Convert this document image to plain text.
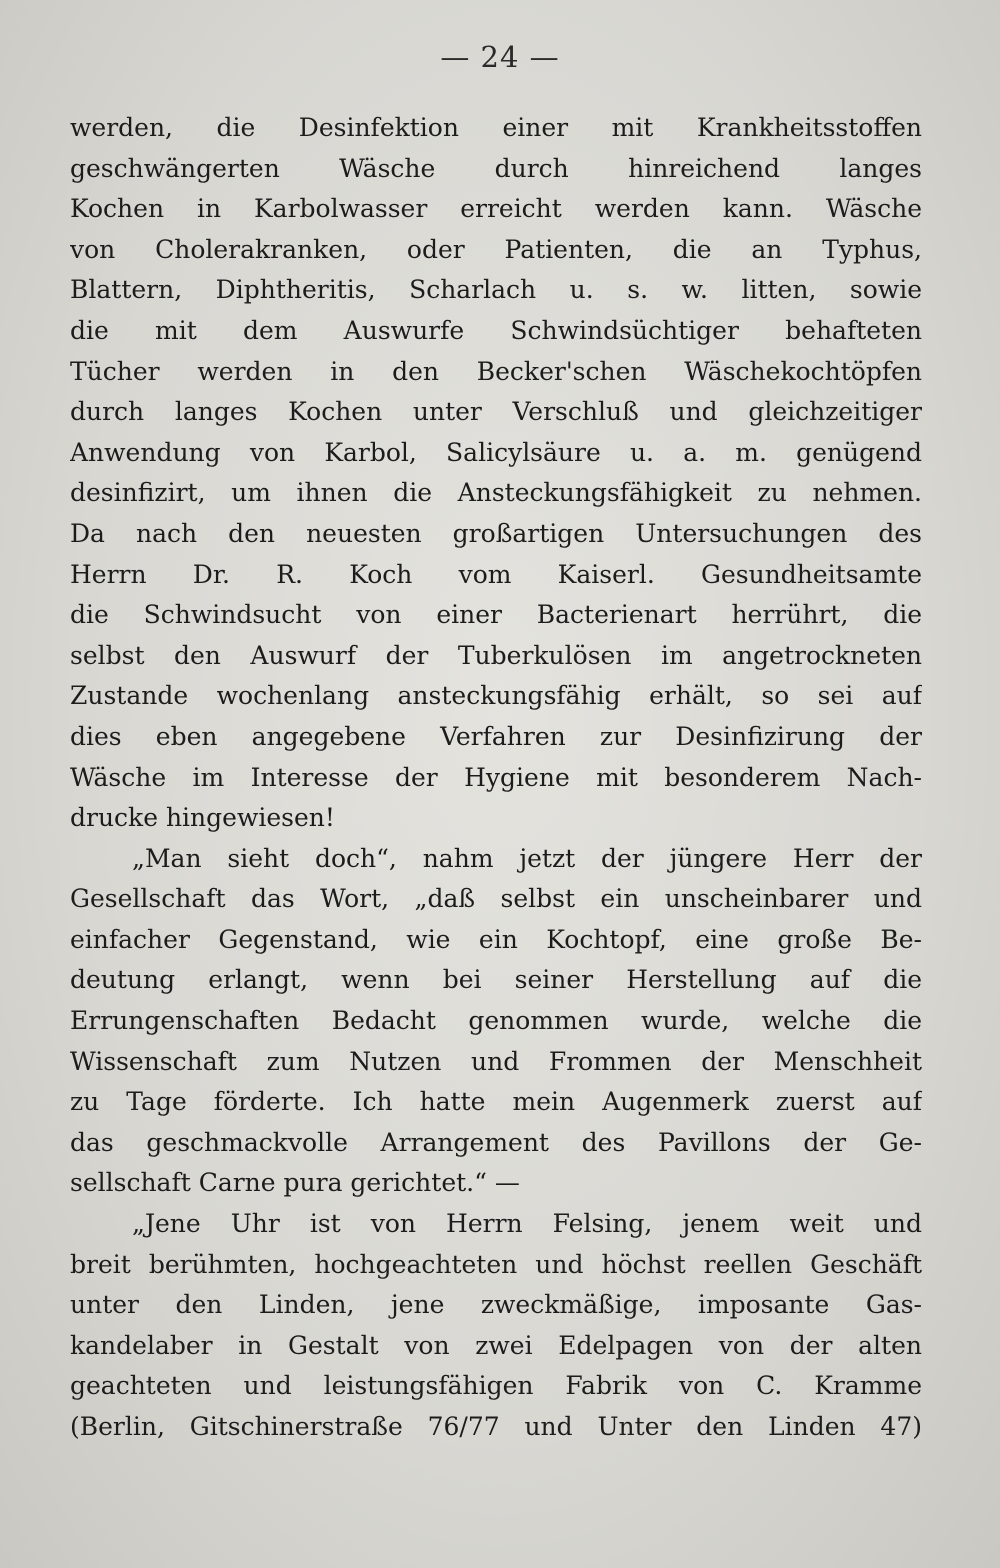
— 24 —
werden, die Desinfektion einer mit Krankheitsstoffen
geschwängerten Wäsche durch hinreichend langes
Kochen in Karbolwasser erreicht werden kann. Wäsche
von Cholerakranken, oder Patienten, die an Typhus,
Blattern, Diphtheritis, Scharlach u. s. w. litten, sowie
die mit dem Auswurfe Schwindsüchtiger behafteten
Tücher werden in den Becker'schen Wäschekochtöpfen
durch langes Kochen unter Verschluß und gleichzeitiger
Anwendung von Karbol, Salicylsäure u. a. m. genügend
desinfizirt, um ihnen die Ansteckungsfähigkeit zu nehmen.
Da nach den neuesten großartigen Untersuchungen des
Herrn Dr. R. Koch vom Kaiserl. Gesundheitsamte
die Schwindsucht von einer Bacterienart herrührt, die
selbst den Auswurf der Tuberkulösen im angetrockneten
Zustande wochenlang ansteckungsfähig erhält, so sei auf
dies eben angegebene Verfahren zur Desinfizirung der
Wäsche im Interesse der Hygiene mit besonderem Nach-
drucke hingewiesen!
„Man sieht doch“, nahm jetzt der jüngere Herr der
Gesellschaft das Wort, „daß selbst ein unscheinbarer und
einfacher Gegenstand, wie ein Kochtopf, eine große Be-
deutung erlangt, wenn bei seiner Herstellung auf die
Errungenschaften Bedacht genommen wurde, welche die
Wissenschaft zum Nutzen und Frommen der Menschheit
zu Tage förderte. Ich hatte mein Augenmerk zuerst auf
das geschmackvolle Arrangement des Pavillons der Ge-
sellschaft Carne pura gerichtet.“ —
„Jene Uhr ist von Herrn Felsing, jenem weit und
breit berühmten, hochgeachteten und höchst reellen Geschäft
unter den Linden, jene zweckmäßige, imposante Gas-
kandelaber in Gestalt von zwei Edelpagen von der alten
geachteten und leistungsfähigen Fabrik von C. Kramme
(Berlin, Gitschinerstraße 76/77 und Unter den Linden 47)
